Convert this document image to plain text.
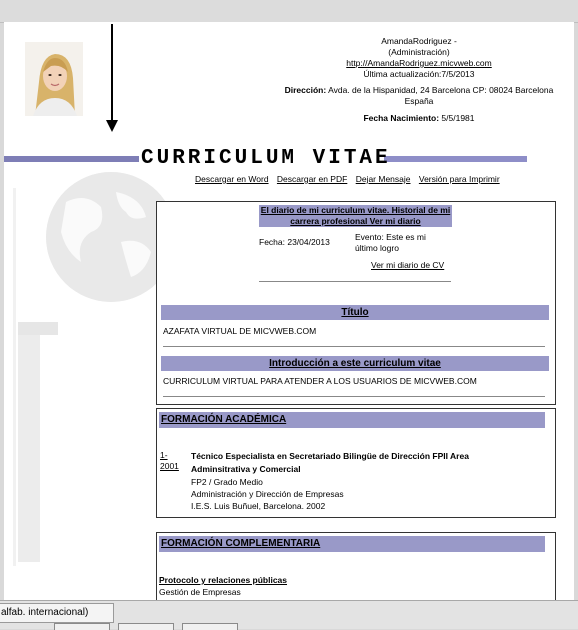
AmandaRodriguez -
(Administración)
http://AmandaRodriguez.micvweb.com
Última actualización:7/5/2013
Dirección: Avda. de la Hispanidad, 24 Barcelona CP: 08024 Barcelona
España
Fecha Nacimiento: 5/5/1981
CURRICULUM VITAE
Descargar en Word Descargar en PDF Dejar Mensaje Versión para Imprimir
El diario de mi curriculum vitae. Historial de mi carrera profesional Ver mi diario
Fecha: 23/04/2013	Evento: Este es mi último logro
Ver mi diario de CV
Título
AZAFATA VIRTUAL DE MICVWEB.COM
Introducción a este curriculum vitae
CURRICULUM VIRTUAL PARA ATENDER A LOS USUARIOS DE MICVWEB.COM
FORMACIÓN ACADÉMICA
1-2001
Técnico Especialista en Secretariado Bilingüe de Dirección FPII Area Adminsitrativa y Comercial
FP2 / Grado Medio
Administración y Dirección de Empresas
I.E.S. Luis Buñuel, Barcelona. 2002
FORMACIÓN COMPLEMENTARIA
Protocolo y relaciones públicas
Gestión de Empresas
alfab. internacional)
